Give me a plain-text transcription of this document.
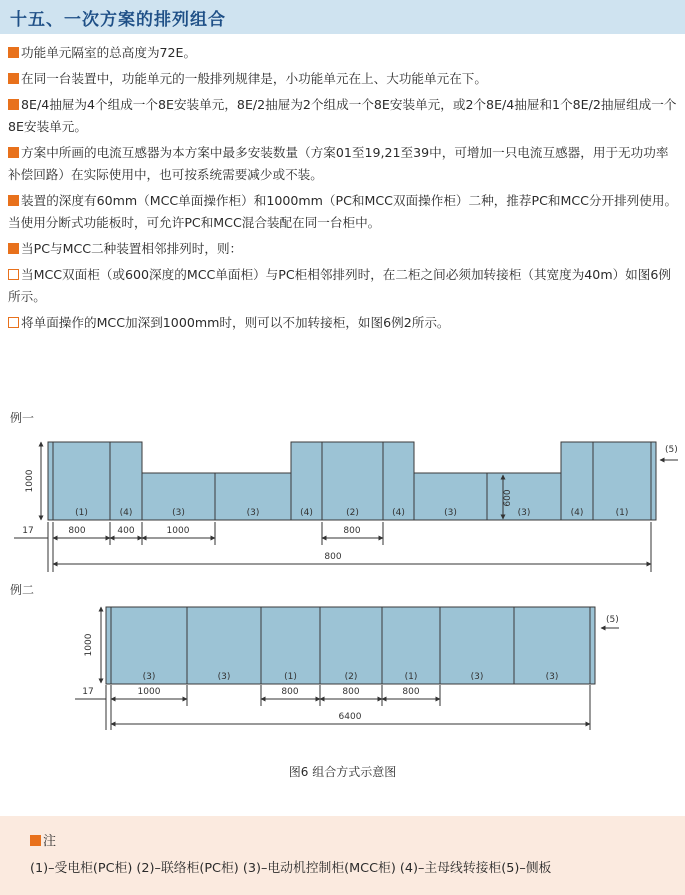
十五、一次方案的排列组合

功能单元隔室的总高度为72E。

在同一台装置中，功能单元的一般排列规律是，小功能单元在上、大功能单元在下。

8E/4抽屉为4个组成一个8E安装单元，8E/2抽屉为2个组成一个8E安装单元，或2个8E/4抽屉和1个8E/2抽屉组成一个8E安装单元。

方案中所画的电流互感器为本方案中最多安装数量（方案01至19,21至39中，可增加一只电流互感器，用于无功功率补偿回路）在实际使用中，也可按系统需要减少或不装。

装置的深度有60mm（MCC单面操作柜）和1000mm（PC和MCC双面操作柜）二种，推荐PC和MCC分开排列使用。当使用分断式功能板时，可允许PC和MCC混合装配在同一台柜中。

当PC与MCC二种装置相邻排列时，则：

当MCC双面柜（或600深度的MCC单面柜）与PC柜相邻排列时，在二柜之间必须加转接柜（其宽度为40m）如图6例所示。

将单面操作的MCC加深到1000mm时，则可以不加转接柜，如图6例2所示。

例一
(1)	(4)	(3)	(3)	(4)	(2)	(4)	(3)	(3)	(4)	(1)
1000
600
(5)
17	800	400	1000	800
800
例二
(3)	(3)	(1)	(2)	(1)	(3)	(3)
1000
(5)
17	1000	800	800	800
6400
图6 组合方式示意图
注
(1)–受电柜(PC柜) (2)–联络柜(PC柜) (3)–电动机控制柜(MCC柜) (4)–主母线转接柜(5)–侧板
